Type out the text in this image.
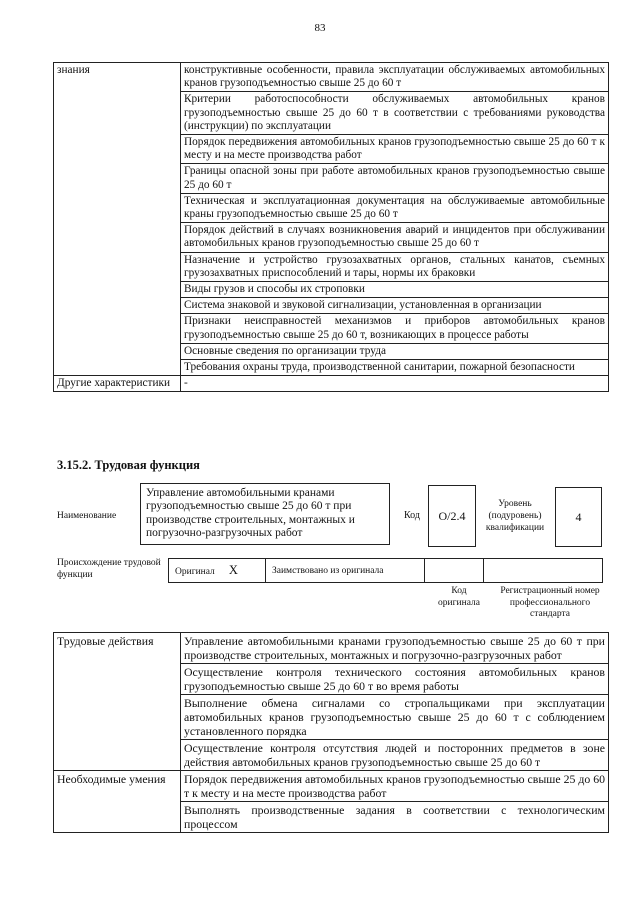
83
знания	конструктивные особенности, правила эксплуатации обслуживаемых автомобильных кранов грузоподъемностью свыше 25 до 60 т
	Критерии работоспособности обслуживаемых автомобильных кранов грузоподъемностью свыше 25 до 60 т в соответствии с требованиями руководства (инструкции) по эксплуатации
	Порядок передвижения автомобильных кранов грузоподъемностью свыше 25 до 60 т к месту и на месте производства работ
	Границы опасной зоны при работе автомобильных кранов грузоподъемностью свыше 25 до 60 т
	Техническая и эксплуатационная документация на обслуживаемые автомобильные краны грузоподъемностью свыше 25 до 60 т
	Порядок действий в случаях возникновения аварий и инцидентов при обслуживании автомобильных кранов грузоподъемностью свыше 25 до 60 т
	Назначение и устройство грузозахватных органов, стальных канатов, съемных грузозахватных приспособлений и тары, нормы их браковки
	Виды грузов и способы их строповки
	Система знаковой и звуковой сигнализации, установленная в организации
	Признаки неисправностей механизмов и приборов автомобильных кранов грузоподъемностью свыше 25 до 60 т, возникающих в процессе работы
	Основные сведения по организации труда
	Требования охраны труда, производственной санитарии, пожарной безопасности
Другие характеристики	-
3.15.2. Трудовая функция
Наименование
Управление автомобильными кранами грузоподъемностью свыше 25 до 60 т при производстве строительных, монтажных и погрузочно-разгрузочных работ
Код	O/2.4
Уровень (подуровень) квалификации
4
Происхождение трудовой функции	Оригинал X	Заимствовано из оригинала		
Код оригинала
Регистрационный номер профессионального стандарта
Трудовые действия	Управление автомобильными кранами грузоподъемностью свыше 25 до 60 т при производстве строительных, монтажных и погрузочно-разгрузочных работ
	Осуществление контроля технического состояния автомобильных кранов грузоподъемностью свыше 25 до 60 т во время работы
	Выполнение обмена сигналами со стропальщиками при эксплуатации автомобильных кранов грузоподъемностью свыше 25 до 60 т с соблюдением установленного порядка
	Осуществление контроля отсутствия людей и посторонних предметов в зоне действия автомобильных кранов грузоподъемностью свыше 25 до 60 т
Необходимые умения	Порядок передвижения автомобильных кранов грузоподъемностью свыше 25 до 60 т к месту и на месте производства работ
	Выполнять производственные задания в соответствии с технологическим процессом
